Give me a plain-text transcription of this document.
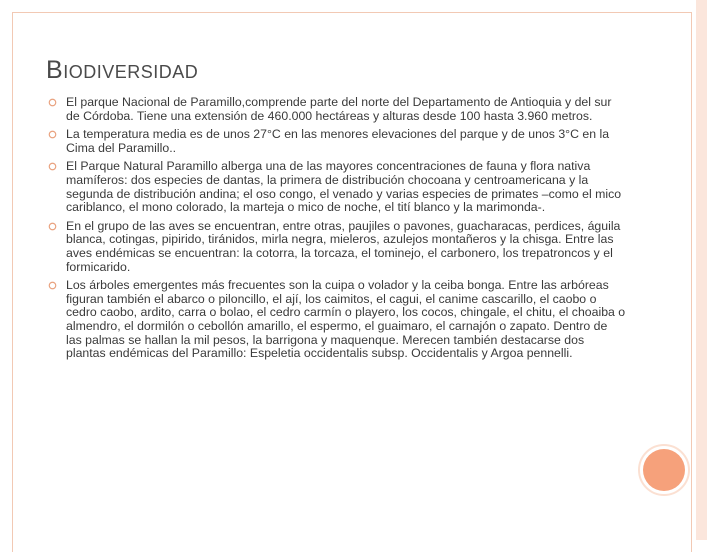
BIODIVERSIDAD
El parque Nacional de Paramillo,comprende parte del norte del Departamento de Antioquia y del sur de Córdoba. Tiene una extensión de 460.000 hectáreas y alturas desde 100 hasta 3.960 metros.
La temperatura media es de unos 27°C en las menores elevaciones del parque y de unos 3°C en la Cima del Paramillo..
El Parque Natural Paramillo alberga una de las mayores concentraciones de fauna y flora nativa mamíferos: dos especies de dantas, la primera de distribución chocoana y centroamericana y la segunda de distribución andina; el oso congo, el venado y varias especies de primates –como el mico cariblanco, el mono colorado, la marteja o mico de noche, el tití blanco y la marimonda-.
En el grupo de las aves se encuentran, entre otras, paujiles o pavones, guacharacas, perdices, águila blanca, cotingas, pipirido, tiránidos, mirla negra, mieleros, azulejos montañeros y la chisga. Entre las aves endémicas se encuentran: la cotorra, la torcaza, el tominejo, el carbonero, los trepatroncos y el formicarido.
Los árboles emergentes más frecuentes son la cuipa o volador y la ceiba bonga. Entre las arbóreas figuran también el abarco o piloncillo, el ají, los caimitos, el cagui, el canime cascarillo, el caobo o cedro caobo, ardito, carra o bolao, el cedro carmín o playero, los cocos, chingale, el chitu, el choaiba o almendro, el dormilón o cebollón amarillo, el espermo, el guaimaro, el carnajón o zapato. Dentro de las palmas se hallan la mil pesos, la barrigona y maquenque. Merecen también destacarse dos plantas endémicas del Paramillo: Espeletia occidentalis subsp. Occidentalis y Argoa pennelli.
